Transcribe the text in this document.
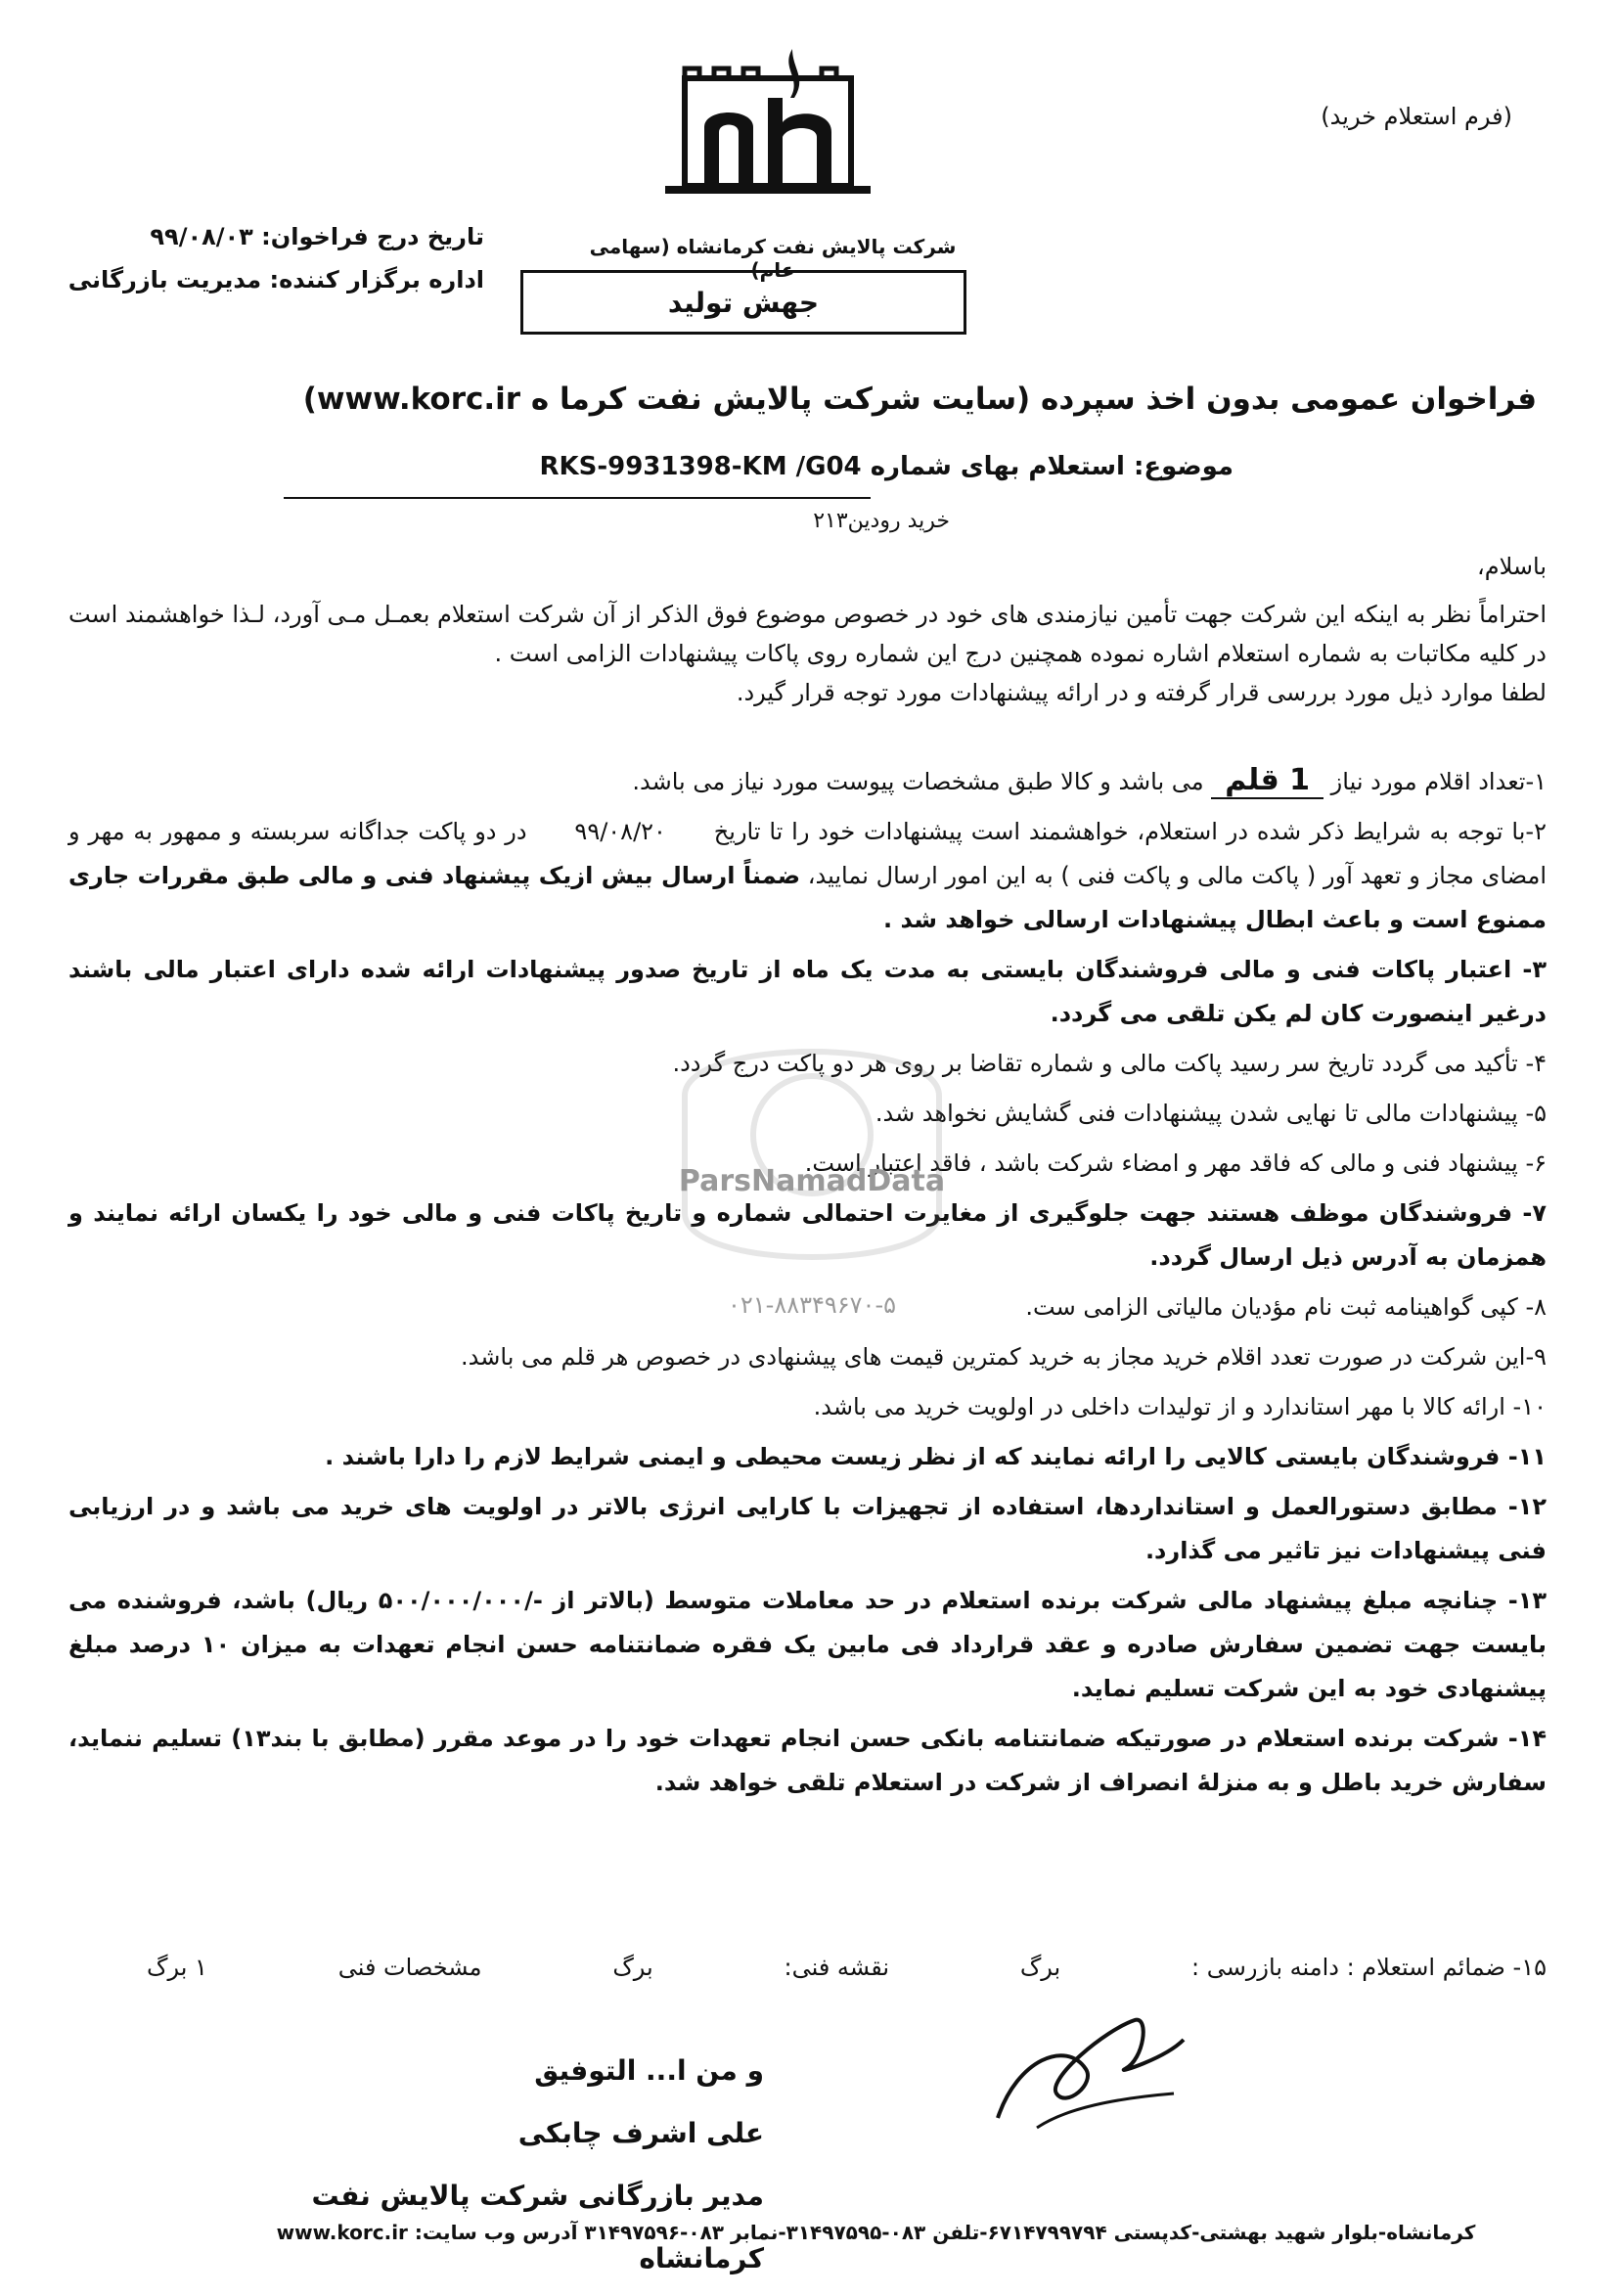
(فرم استعلام خرید)
شرکت پالایش نفت کرمانشاه (سهامی عام)
جهش تولید
تاریخ درج فراخوان: ۹۹/۰۸/۰۳
اداره برگزار کننده: مدیریت بازرگانی
فراخوان عمومی بدون اخذ سپرده (سایت شرکت پالایش نفت کرما ه www.korc.ir)
موضوع: استعلام بهای شماره RKS-9931398-KM /G04
خرید رودین۲۱۳
باسلام،

احتراماً نظر به اینکه این شرکت جهت تأمین نیازمندی های خود در خصوص موضوع فوق الذکر از آن شرکت استعلام بعمـل مـی آورد، لـذا خواهشمند است در کلیه مکاتبات به شماره استعلام اشاره نموده همچنین درج این شماره روی پاکات پیشنهادات الزامی است .

لطفا موارد ذیل مورد بررسی قرار گرفته و در ارائه پیشنهادات مورد توجه قرار گیرد.

۱-تعداد اقلام مورد نیاز 1 قلم می باشد و کالا طبق مشخصات پیوست مورد نیاز می باشد.
۲-با توجه به شرایط ذکر شده در استعلام، خواهشمند است پیشنهادات خود را تا تاریخ ۹۹/۰۸/۲۰ در دو پاکت جداگانه سربسته و ممهور به مهر و امضای مجاز و تعهد آور ( پاکت مالی و پاکت فنی ) به این امور ارسال نمایید، ضمناً ارسال بیش ازیک پیشنهاد فنی و مالی طبق مقررات جاری ممنوع است و باعث ابطال پیشنهادات ارسالی خواهد شد .
۳- اعتبار پاکات فنی و مالی فروشندگان بایستی به مدت یک ماه از تاریخ صدور پیشنهادات ارائه شده دارای اعتبار مالی باشند درغیر اینصورت کان لم یکن تلقی می گردد.
۴- تأکید می گردد تاریخ سر رسید پاکت مالی و شماره تقاضا بر روی هر دو پاکت درج گردد.
۵- پیشنهادات مالی تا نهایی شدن پیشنهادات فنی گشایش نخواهد شد.
۶- پیشنهاد فنی و مالی که فاقد مهر و امضاء شرکت باشد ، فاقد اعتبار است.
۷- فروشندگان موظف هستند جهت جلوگیری از مغایرت احتمالی شماره و تاریخ پاکات فنی و مالی خود را یکسان ارائه نمایند و همزمان به آدرس ذیل ارسال گردد.
۸- کپی گواهینامه ثبت نام مؤدیان مالیاتی الزامی ست.
۹-این شرکت در صورت تعدد اقلام خرید مجاز به خرید کمترین قیمت های پیشنهادی در خصوص هر قلم می باشد.
۱۰- ارائه کالا با مهر استاندارد و از تولیدات داخلی در اولویت خرید می باشد.
۱۱- فروشندگان بایستی کالایی را ارائه نمایند که از نظر زیست محیطی و ایمنی شرایط لازم را دارا باشند .
۱۲- مطابق دستورالعمل و استانداردها، استفاده از تجهیزات با کارایی انرژی بالاتر در اولویت های خرید می باشد و در ارزیابی فنی پیشنهادات نیز تاثیر می گذارد.
۱۳- چنانچه مبلغ پیشنهاد مالی شرکت برنده استعلام در حد معاملات متوسط (بالاتر از -/۵۰۰/۰۰۰/۰۰۰ ریال) باشد، فروشنده می بایست جهت تضمین سفارش صادره و عقد قرارداد فی مابین یک فقره ضمانتنامه حسن انجام تعهدات به میزان ۱۰ درصد مبلغ پیشنهادی خود به این شرکت تسلیم نماید.
۱۴- شرکت برنده استعلام در صورتیکه ضمانتنامه بانکی حسن انجام تعهدات خود را در موعد مقرر (مطابق با بند۱۳) تسلیم ننماید، سفارش خرید باطل و به منزلهٔ انصراف از شرکت در استعلام تلقی خواهد شد.
۱۵- ضمائم استعلام : دامنه بازرسی :
برگ
نقشه فنی:
برگ
مشخصات فنی
۱ برگ
و من ا... التوفیق
علی اشرف چابکی
مدیر بازرگانی شرکت پالایش نفت کرمانشاه
ParsNamadData
۰۲۱-۸۸۳۴۹۶۷۰-۵
کرمانشاه-بلوار شهید بهشتی-کدپستی ۶۷۱۴۷۹۹۷۹۴-تلفن ۰۸۳-۳۱۴۹۷۵۹۵-نمابر ۰۸۳-۳۱۴۹۷۵۹۶ آدرس وب سایت: www.korc.ir
